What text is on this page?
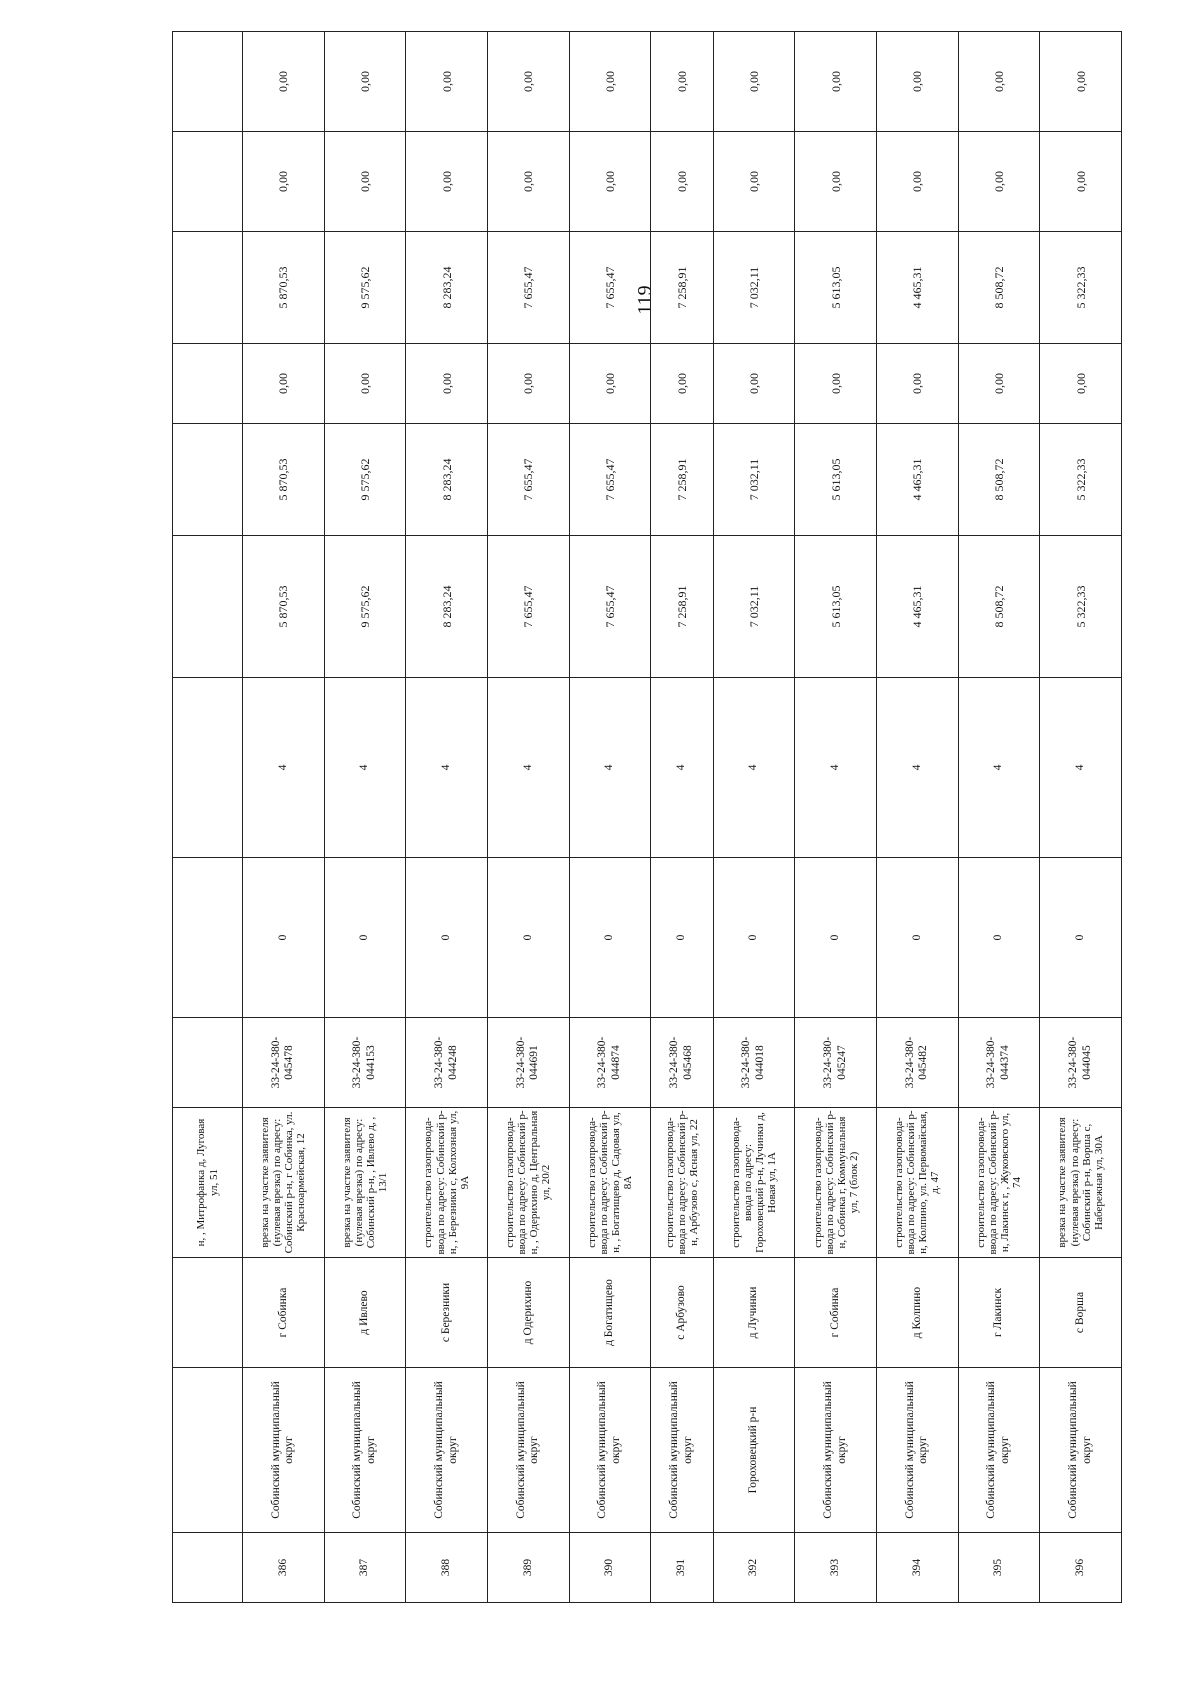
119
			н, , Митрофанка д, Луговая ул, 51									
386	Собинский муниципальный округ	г Собинка	врезка на участке заявителя (нулевая врезка) по адресу: Собинский р-н, г Собинка, ул. Красноармейская, 12	33-24-380-045478	0	4	5 870,53	5 870,53	0,00	5 870,53	0,00	0,00
387	Собинский муниципальный округ	д Ивлево	врезка на участке заявителя (нулевая врезка) по адресу: Собинский р-н, , Ивлево д, , 13/1	33-24-380-044153	0	4	9 575,62	9 575,62	0,00	9 575,62	0,00	0,00
388	Собинский муниципальный округ	с Березники	строительство газопровода-ввода по адресу: Собинский р-н, , Березники с, Колхозная ул, 9А	33-24-380-044248	0	4	8 283,24	8 283,24	0,00	8 283,24	0,00	0,00
389	Собинский муниципальный округ	д Одерихино	строительство газопровода-ввода по адресу: Собинский р-н, , Одерихино д, Центральная ул, 20/2	33-24-380-044691	0	4	7 655,47	7 655,47	0,00	7 655,47	0,00	0,00
390	Собинский муниципальный округ	д Богатищево	строительство газопровода-ввода по адресу: Собинский р-н, , Богатищево д, Садовая ул, 8А	33-24-380-044874	0	4	7 655,47	7 655,47	0,00	7 655,47	0,00	0,00
391	Собинский муниципальный округ	с Арбузово	строительство газопровода-ввода по адресу: Собинский р-н, Арбузово с, Ясная ул, 22	33-24-380-045468	0	4	7 258,91	7 258,91	0,00	7 258,91	0,00	0,00
392	Гороховецкий р-н	д Лучинки	строительство газопровода-ввода по адресу: Гороховецкий р-н, Лучинки д, Новая ул, 1А	33-24-380-044018	0	4	7 032,11	7 032,11	0,00	7 032,11	0,00	0,00
393	Собинский муниципальный округ	г Собинка	строительство газопровода-ввода по адресу: Собинский р-н, Собинка г, Коммунальная ул, 7 (блок 2)	33-24-380-045247	0	4	5 613,05	5 613,05	0,00	5 613,05	0,00	0,00
394	Собинский муниципальный округ	д Колпино	строительство газопровода-ввода по адресу: Собинский р-н, Колпино, ул. Первомайская, д. 47	33-24-380-045482	0	4	4 465,31	4 465,31	0,00	4 465,31	0,00	0,00
395	Собинский муниципальный округ	г Лакинск	строительство газопровода-ввода по адресу: Собинский р-н, Лакинск г, , Жуковского ул, 74	33-24-380-044374	0	4	8 508,72	8 508,72	0,00	8 508,72	0,00	0,00
396	Собинский муниципальный округ	с Ворша	врезка на участке заявителя (нулевая врезка) по адресу: Собинский р-н, Ворша с, Набережная ул, 30А	33-24-380-044045	0	4	5 322,33	5 322,33	0,00	5 322,33	0,00	0,00
